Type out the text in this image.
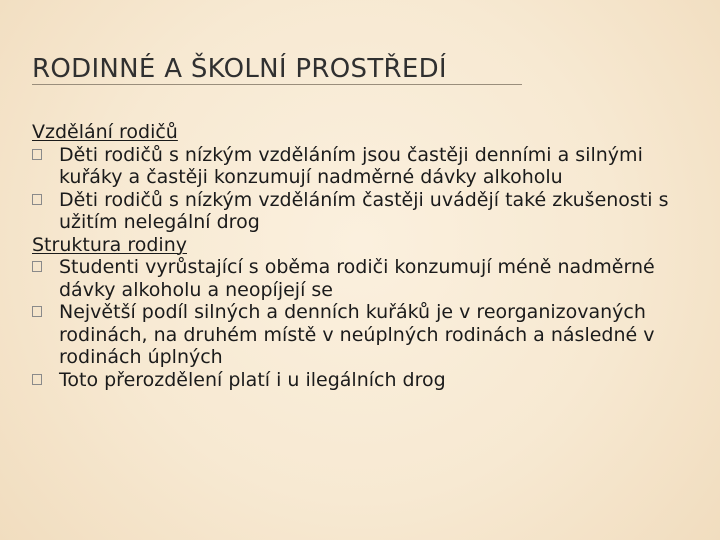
RODINNÉ A ŠKOLNÍ PROSTŘEDÍ
Vzdělání rodičů
Děti rodičů s nízkým vzděláním jsou častěji denními a silnými kuřáky a častěji konzumují nadměrné dávky alkoholu
Děti rodičů s nízkým vzděláním častěji uvádějí také zkušenosti s užitím nelegální drog
Struktura rodiny
Studenti vyrůstající s oběma rodiči konzumují méně nadměrné dávky alkoholu a neopíjejí se
Největší podíl silných a denních kuřáků je v reorganizovaných rodinách, na druhém místě v neúplných rodinách a následné v rodinách úplných
Toto přerozdělení platí i u ilegálních drog
